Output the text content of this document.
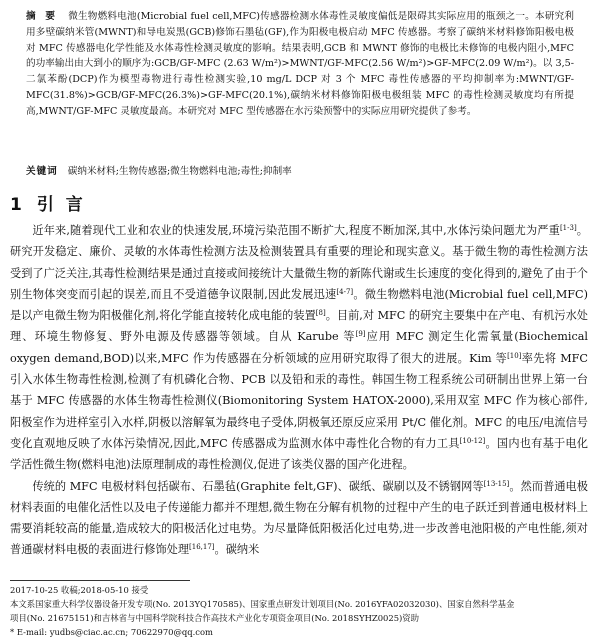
摘 要 微生物燃料电池(Microbial fuel cell,MFC)传感器检测水体毒性灵敏度偏低是限碍其实际应用的瓶颈之一。本研究利用多壁碳纳米管(MWNT)和导电炭黑(GCB)修饰石墨毡(GF),作为阳极电极启动 MFC 传感器。考察了碳纳米材料修饰阳极电极对 MFC 传感器电化学性能及水体毒性检测灵敏度的影响。结果表明,GCB 和 MWNT 修饰的电极比未修饰的电极内阻小,MFC 的功率输出由大到小的顺序为:GCB/GF-MFC (2.63 W/m²)>MWNT/GF-MFC(2.56 W/m²)>GF-MFC(2.09 W/m²)。以 3,5-二氯苯酚(DCP)作为模型毒物进行毒性检测实验,10 mg/L DCP 对 3 个 MFC 毒性传感器的平均抑制率为:MWNT/GF-MFC(31.8%)>GCB/GF-MFC(26.3%)>GF-MFC(20.1%),碳纳米材料修饰阳极电极组装 MFC 的毒性检测灵敏度均有所提高,MWNT/GF-MFC 灵敏度最高。本研究对 MFC 型传感器在水污染预警中的实际应用研究提供了参考。
关键词 碳纳米材料;生物传感器;微生物燃料电池;毒性;抑制率
1 引 言

近年来,随着现代工业和农业的快速发展,环境污染范围不断扩大,程度不断加深,其中,水体污染问题尤为严重[1-3]。研究开发稳定、廉价、灵敏的水体毒性检测方法及检测装置具有重要的理论和现实意义。基于微生物的毒性检测方法受到了广泛关注,其毒性检测结果是通过直接或间接统计大量微生物的新陈代谢或生长速度的变化得到的,避免了由于个别生物体突变而引起的误差,而且不受道德争议限制,因此发展迅速[4-7]。微生物燃料电池(Microbial fuel cell,MFC)是以产电微生物为阳极催化剂,将化学能直接转化成电能的装置[8]。目前,对 MFC 的研究主要集中在产电、有机污水处理、环境生物修复、野外电源及传感器等领域。自从 Karube 等[9]应用 MFC 测定生化需氧量(Biochemical oxygen demand,BOD)以来,MFC 作为传感器在分析领域的应用研究取得了很大的进展。Kim 等[10]率先将 MFC 引入水体生物毒性检测,检测了有机磷化合物、PCB 以及铅和汞的毒性。韩国生物工程系统公司研制出世界上第一台基于 MFC 传感器的水体生物毒性检测仪(Biomonitoring System HATOX-2000),采用双室 MFC 作为核心部件,阳极室作为进样室引入水样,阴极以溶解氧为最终电子受体,阴极氧还原反应采用 Pt/C 催化剂。MFC 的电压/电流信号变化直观地反映了水体污染情况,因此,MFC 传感器成为监测水体中毒性化合物的有力工具[10-12]。国内也有基于电化学活性微生物(燃料电池)法原理制成的毒性检测仪,促进了该类仪器的国产化进程。

传统的 MFC 电极材料包括碳布、石墨毡(Graphite felt,GF)、碳纸、碳刷以及不锈钢网等[13-15]。然而普通电极材料表面的电催化活性以及电子传递能力都并不理想,微生物在分解有机物的过程中产生的电子跃迁到普通电极材料上需要消耗较高的能量,造成较大的阳极活化过电势。为尽量降低阳极活化过电势,进一步改善电池阳极的产电性能,须对普通碳材料电极的表面进行修饰处理[16,17]。碳纳米

2017-10-25 收稿;2018-05-10 接受
本文系国家重大科学仪器设备开发专项(No. 2013YQ170585)、国家重点研发计划项目(No. 2016YFA02032030)、国家自然科学基金
项目(No. 21675151)和吉林省与中国科学院科技合作高技术产业化专项资金项目(No. 2018SYHZ0025)资助
* E-mail: yudbs@ciac.ac.cn; 70622970@qq.com
